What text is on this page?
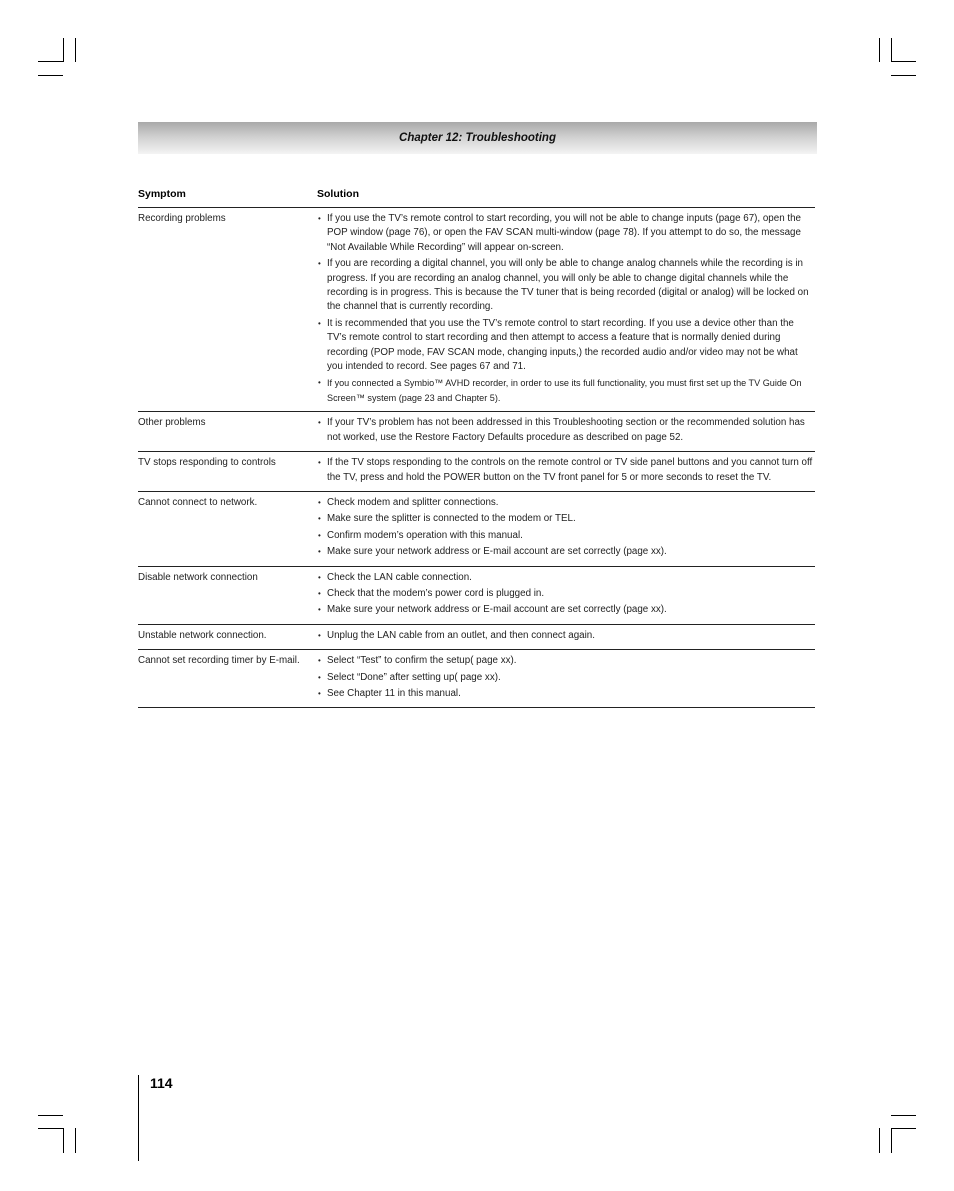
Chapter 12: Troubleshooting
Symptom	Solution
Recording problems	• If you use the TV’s remote control to start recording, you will not be able to change inputs (page 67), open the POP window (page 76), or open the FAV SCAN multi-window (page 78). If you attempt to do so, the message “Not Available While Recording” will appear on-screen.
• If you are recording a digital channel, you will only be able to change analog channels while the recording is in progress. If you are recording an analog channel, you will only be able to change digital channels while the recording is in progress. This is because the TV tuner that is being recorded (digital or analog) will be locked on the channel that is currently recording.
• It is recommended that you use the TV’s remote control to start recording. If you use a device other than the TV’s remote control to start recording and then attempt to access a feature that is normally denied during recording (POP mode, FAV SCAN mode, changing inputs,) the recorded audio and/or video may not be what you intended to record. See pages 67 and 71.
• If you connected a Symbio™ AVHD recorder, in order to use its full functionality, you must first set up the TV Guide On Screen™ system (page 23 and Chapter 5).
Other problems	• If your TV’s problem has not been addressed in this Troubleshooting section or the recommended solution has not worked, use the Restore Factory Defaults procedure as described on page 52.
TV stops responding to controls	• If the TV stops responding to the controls on the remote control or TV side panel buttons and you cannot turn off the TV, press and hold the POWER button on the TV front panel for 5 or more seconds to reset the TV.
Cannot connect to network.	• Check modem and splitter connections.
• Make sure the splitter is connected to the modem or TEL.
• Confirm modem’s operation with this manual.
• Make sure your network address or E-mail account are set correctly (page xx).
Disable network connection	• Check the LAN cable connection.
• Check that the modem’s power cord is plugged in.
• Make sure your network address or E-mail account are set correctly (page xx).
Unstable network connection.	• Unplug the LAN cable from an outlet, and then connect again.
Cannot set recording timer by E-mail.	• Select “Test” to confirm the setup( page xx).
• Select “Done” after setting up( page xx).
• See Chapter 11 in this manual.
114
